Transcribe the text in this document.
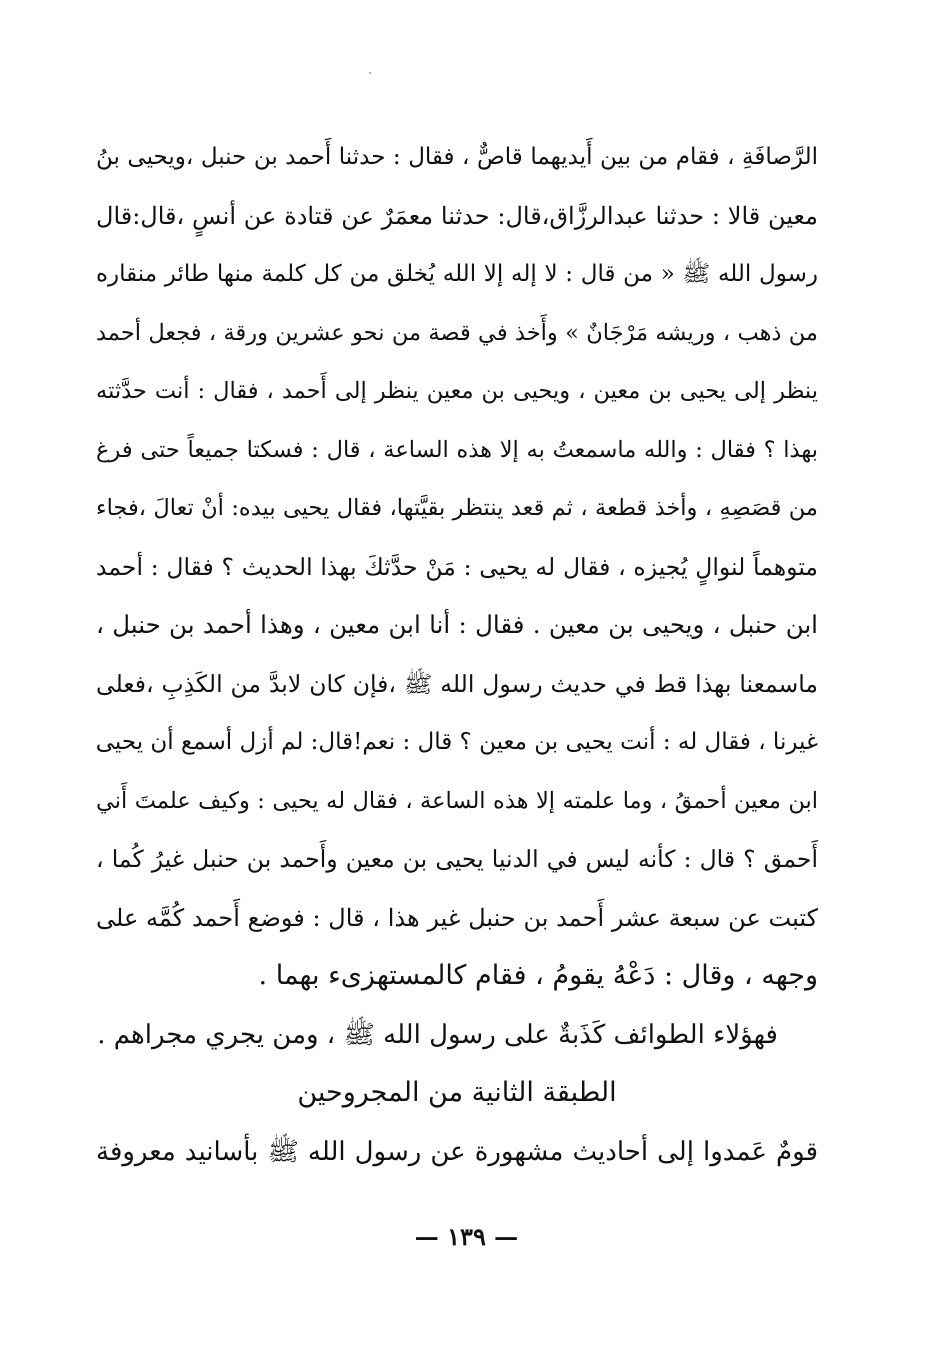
الرَّصافَةِ ، فقام من بين أَيديهما قاصٌّ ، فقال : حدثنا أَحمد بن حنبل ،ويحيى بنُ
معين قالا : حدثنا عبدالرزَّاق،قال: حدثنا معمَرٌ عن قتادة عن أنسٍ ،قال:قال
رسول الله ﷺ « من قال : لا إله إلا الله يُخلق من كل كلمة منها طائر منقاره
من ذهب ، وريشه مَرْجَانٌ » وأَخذ في قصة من نحو عشرين ورقة ، فجعل أحمد
ينظر إلى يحيى بن معين ، ويحيى بن معين ينظر إلى أَحمد ، فقال : أنت حدَّثته
بهذا ؟ فقال : والله ماسمعتُ به إلا هذه الساعة ، قال : فسكتا جميعاً حتى فرغ
من قصَصِهِ ، وأخذ قطعة ، ثم قعد ينتظر بقيَّتها، فقال يحيى بيده: أنْ تعالَ ،فجاء
متوهماً لنوالٍ يُجيزه ، فقال له يحيى : مَنْ حدَّثكَ بهذا الحديث ؟ فقال : أحمد
ابن حنبل ، ويحيى بن معين . فقال : أنا ابن معين ، وهذا أحمد بن حنبل ،
ماسمعنا بهذا قط في حديث رسول الله ﷺ ،فإن كان لابدَّ من الكَذِبِ ،فعلى
غيرنا ، فقال له : أنت يحيى بن معين ؟ قال : نعم!قال: لم أزل أسمع أن يحيى
ابن معين أحمقُ ، وما علمته إلا هذه الساعة ، فقال له يحيى : وكيف علمتَ أَني
أَحمق ؟ قال : كأنه ليس في الدنيا يحيى بن معين وأَحمد بن حنبل غيرُ كُما ،
كتبت عن سبعة عشر أَحمد بن حنبل غير هذا ، قال : فوضع أَحمد كُمَّه على
وجهه ، وقال : دَعْهُ يقومُ ، فقام كالمستهزىء بهما .
فهؤلاء الطوائف كَذَبةٌ على رسول الله ﷺ ، ومن يجري مجراهم .
الطبقة الثانية من المجروحين
قومٌ عَمدوا إلى أحاديث مشهورة عن رسول الله ﷺ بأسانيد معروفة
— ١٣٩ —
